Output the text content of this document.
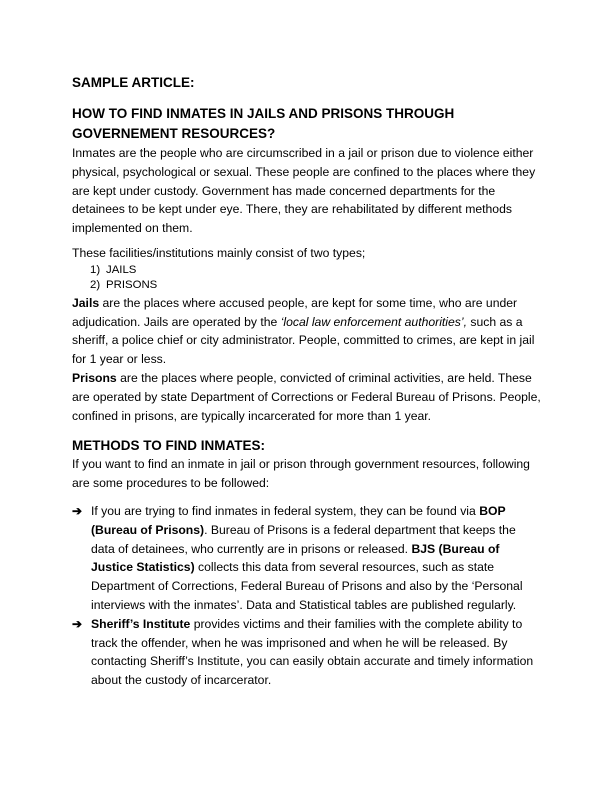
SAMPLE ARTICLE:
HOW TO FIND INMATES IN JAILS AND PRISONS THROUGH GOVERNEMENT RESOURCES?

Inmates are the people who are circumscribed in a jail or prison due to violence either physical, psychological or sexual. These people are confined to the places where they are kept under custody. Government has made concerned departments for the detainees to be kept under eye. There, they are rehabilitated by different methods implemented on them.

These facilities/institutions mainly consist of two types;

1) JAILS
2) PRISONS

Jails are the places where accused people, are kept for some time, who are under adjudication. Jails are operated by the ‘local law enforcement authorities’, such as a sheriff, a police chief or city administrator. People, committed to crimes, are kept in jail for 1 year or less.

Prisons are the places where people, convicted of criminal activities, are held. These are operated by state Department of Corrections or Federal Bureau of Prisons. People, confined in prisons, are typically incarcerated for more than 1 year.

METHODS TO FIND INMATES:

If you want to find an inmate in jail or prison through government resources, following are some procedures to be followed:

➔ If you are trying to find inmates in federal system, they can be found via BOP (Bureau of Prisons). Bureau of Prisons is a federal department that keeps the data of detainees, who currently are in prisons or released. BJS (Bureau of Justice Statistics) collects this data from several resources, such as state Department of Corrections, Federal Bureau of Prisons and also by the ‘Personal interviews with the inmates’. Data and Statistical tables are published regularly.
➔ Sheriff’s Institute provides victims and their families with the complete ability to track the offender, when he was imprisoned and when he will be released. By contacting Sheriff’s Institute, you can easily obtain accurate and timely information about the custody of incarcerator.
